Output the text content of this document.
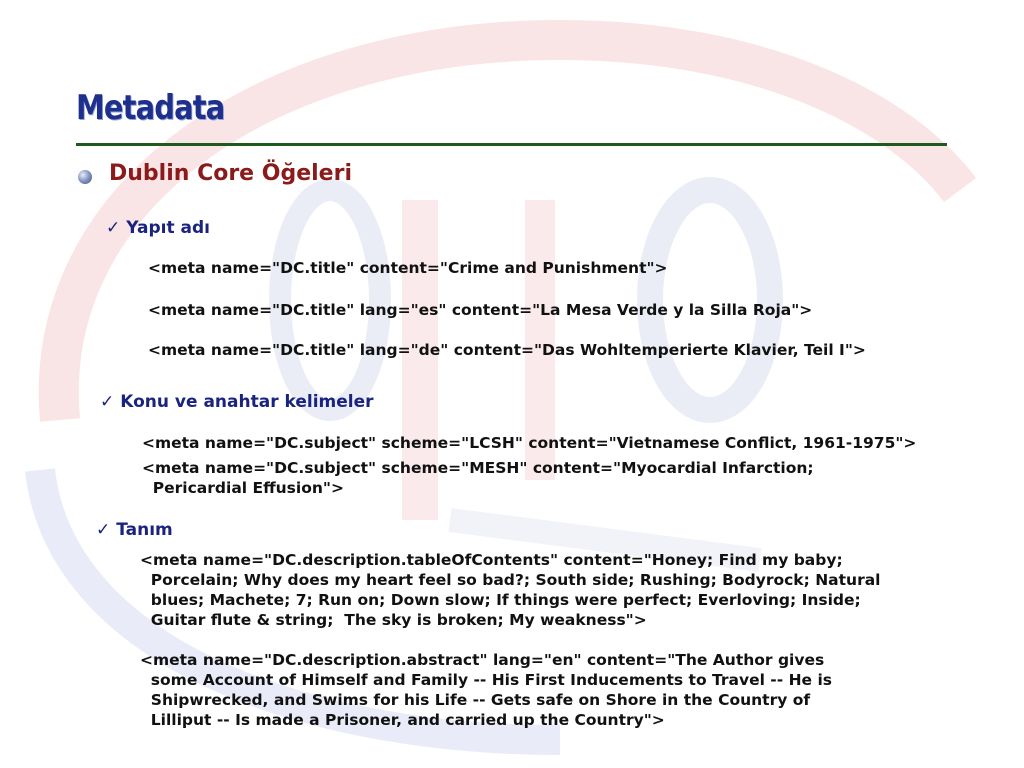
Metadata
Dublin Core Öğeleri
✓ Yapıt adı
<meta name="DC.title" content="Crime and Punishment">
<meta name="DC.title" lang="es" content="La Mesa Verde y la Silla Roja">
<meta name="DC.title" lang="de" content="Das Wohltemperierte Klavier, Teil I">
✓ Konu ve anahtar kelimeler
<meta name="DC.subject" scheme="LCSH" content="Vietnamese Conflict, 1961-1975">
<meta name="DC.subject" scheme="MESH" content="Myocardial Infarction;
Pericardial Effusion">
✓ Tanım
<meta name="DC.description.tableOfContents" content="Honey; Find my baby;
Porcelain; Why does my heart feel so bad?; South side; Rushing; Bodyrock; Natural
blues; Machete; 7; Run on; Down slow; If things were perfect; Everloving; Inside;
Guitar flute & string;  The sky is broken; My weakness">
<meta name="DC.description.abstract" lang="en" content="The Author gives
some Account of Himself and Family -- His First Inducements to Travel -- He is
Shipwrecked, and Swims for his Life -- Gets safe on Shore in the Country of
Lilliput -- Is made a Prisoner, and carried up the Country">
